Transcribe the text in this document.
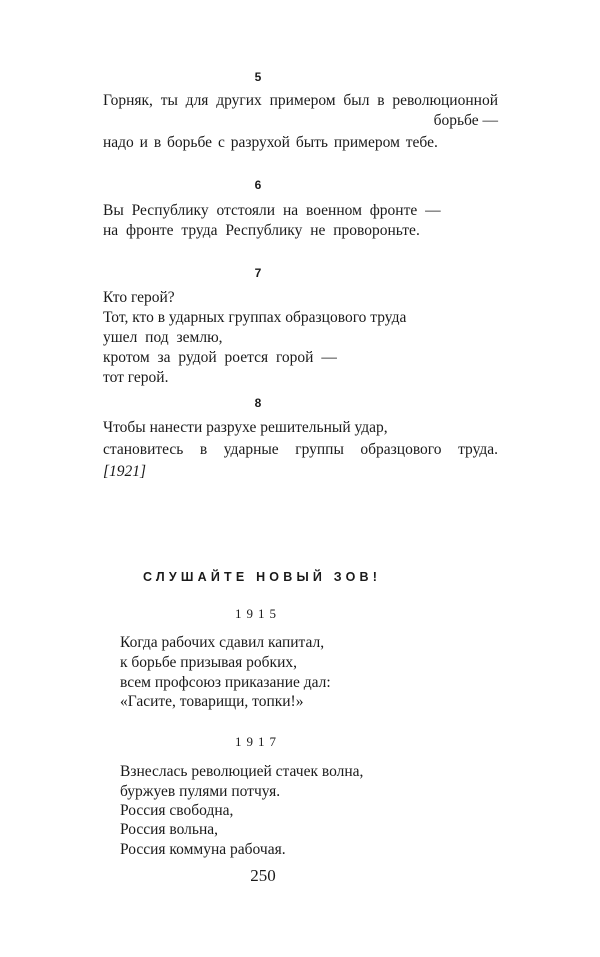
5
Горняк, ты для других примером был в революционной
борьбе —
надо и в борьбе с разрухой быть примером тебе.
6
Вы Республику отстояли на военном фронте —
на фронте труда Республику не провороньте.
7
Кто герой?
Тот, кто в ударных группах образцового труда
ушел под землю,
кротом за рудой роется горой —
тот герой.
8
Чтобы нанести разрухе решительный удар,
становитесь в ударные группы образцового труда.
[1921]
СЛУШАЙТЕ НОВЫЙ ЗОВ!
1915
Когда рабочих сдавил капитал,
к борьбе призывая робких,
всем профсоюз приказание дал:
«Гасите, товарищи, топки!»
1917
Взнеслась революцией стачек волна,
буржуев пулями потчуя.
Россия свободна,
Россия вольна,
Россия коммуна рабочая.
250
